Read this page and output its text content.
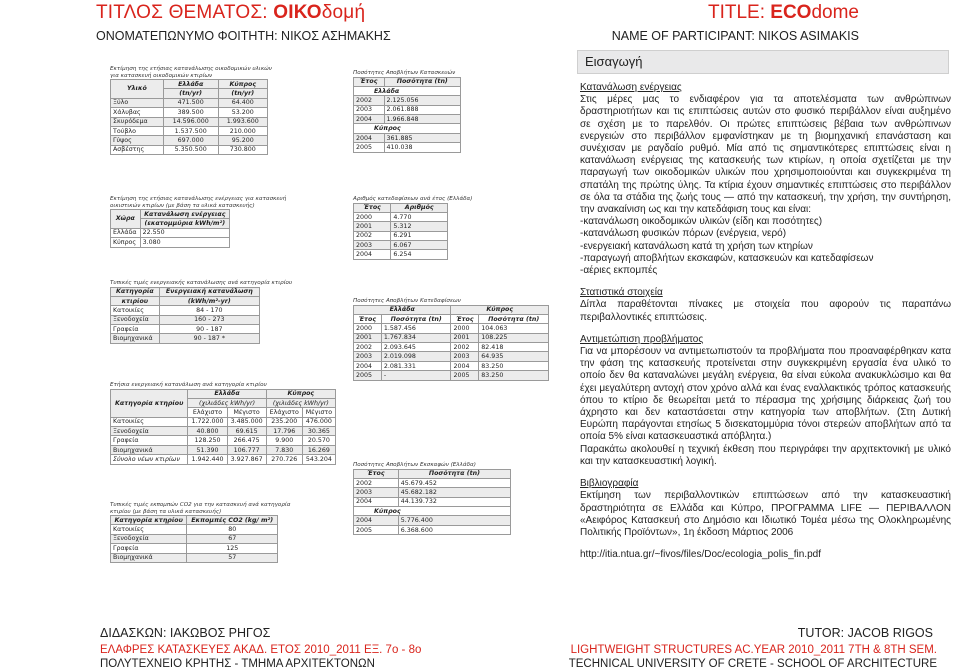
ΤΙΤΛΟΣ ΘΕΜΑΤΟΣ: ΟΙΚΟδομή	TITLE: ECOdome
ΟΝΟΜΑΤΕΠΩΝΥΜΟ ΦΟΙΤΗΤΗ: ΝΙΚΟΣ ΑΣΗΜΑΚΗΣ	NAME OF PARTICIPANT: NIKOS ASIMAKIS
Εισαγωγή
Κατανάλωση ενέργειας

Στις μέρες μας το ενδιαφέρον για τα αποτελέσματα των ανθρώπινων δραστηριοτήτων και τις επιπτώσεις αυτών στο φυσικό περιβάλλον είναι αυξημένο σε σχέση με το παρελθόν. Οι πρώτες επιπτώσεις βέβαια των ανθρώπινων ενεργειών στο περιβάλλον εμφανίστηκαν με τη βιομηχανική επανάσταση και συνέχισαν με ραγδαίο ρυθμό. Μία από τις σημαντικότερες επιπτώσεις είναι η κατανάλωση ενέργειας της κατασκευής των κτιρίων, η οποία σχετίζεται με την παραγωγή των οικοδομικών υλικών που χρησιμοποιούνται και συγκεκριμένα τη σπατάλη της πρώτης ύλης. Τα κτίρια έχουν σημαντικές επιπτώσεις στο περιβάλλον σε όλα τα στάδια της ζωής τους — από την κατασκευή, την χρήση, την συντήρηση, την ανακαίνιση ως και την κατεδάφιση τους και είναι:

-κατανάλωση οικοδομικών υλικών (είδη και ποσότητες)
-κατανάλωση φυσικών πόρων (ενέργεια, νερό)
-ενεργειακή κατανάλωση κατά τη χρήση των κτηρίων
-παραγωγή αποβλήτων εκσκαφών, κατασκευών και κατεδαφίσεων
-αέριες εκπομπές
Στατιστικά στοιχεία

Δίπλα παραθέτονται πίνακες με στοιχεία που αφορούν τις παραπάνω περιβαλλοντικές επιπτώσεις.

Αντιμετώπιση προβλήματος

Για να μπορέσουν να αντιμετωπιστούν τα προβλήματα που προαναφέρθηκαν κατα την φάση της κατασκευής προτείνεται στην συγκεκριμένη εργασία ένα υλικό το οποίο δεν θα καταναλώνει μεγάλη ενέργεια, θα είναι εύκολα ανακυκλώσιμο και θα έχει μεγαλύτερη αντοχή στον χρόνο αλλά και ένας εναλλακτικός τρόπος κατασκευής όπου το κτίριο δε θεωρείται μετά το πέρασμα της χρήσιμης διάρκειας ζωή του άχρηστο και δεν καταστάσεται στην κατηγορία των αποβλήτων. (Στη Δυτική Ευρώπη παράγονται ετησίως 5 δισεκατομμύρια τόνοι στερεών αποβλήτων από τα οποία 5% είναι κατασκευαστικά απόβλητα.)

Παρακάτω ακολουθεί η τεχνική έκθεση που περιγράφει την αρχιτεκτονική με υλικό και την κατασκευαστική λογική.

Βιβλιογραφία

Εκτίμηση των περιβαλλοντικών επιπτώσεων από την κατασκευαστική δραστηριότητα σε Ελλάδα και Κύπρο, ΠΡΟΓΡΑΜΜΑ LIFE — ΠΕΡΙΒΑΛΛΟΝ «Αειφόρος Κατασκευή στο Δημόσιο και Ιδιωτικό Τομέα μέσω της Ολοκληρωμένης Πολιτικής Προϊόντων», 1η έκδοση Μάρτιος 2006

http://itia.ntua.gr/~fivos/files/Doc/ecologia_polis_fin.pdf

Εκτίμηση της ετήσιας κατανάλωσης οικοδομικών υλικών για κατασκευή οικοδομικών κτιρίων
Υλικό	Ελλάδα	Κύπρος
	(tn/yr)	(tn/yr)
Ξύλο	471.500	64.400
Χάλυβας	389.500	53.200
Σκυρόδεμα	14.596.000	1.993.600
Τούβλο	1.537.500	210.000
Γύψος	697.000	95.200
Ασβέστης	5.350.500	730.800
Εκτίμηση της ετήσιας κατανάλωσης ενέργειας για κατασκευή οικιστικών κτιρίων (με βάση τα υλικά κατασκευής)
Χώρα	Κατανάλωση ενέργειας
	(εκατομμύρια kWh/m²)
Ελλάδα	22.550
Κύπρος	3.080
Τυπικές τιμές ενεργειακής κατανάλωσης ανά κατηγορία κτιρίου
Κατηγορία	Ενεργειακή κατανάλωση
κτιρίου	(kWh/m²-yr)
Κατοικίες	84 - 170
Ξενοδοχεία	160 - 273
Γραφεία	90 - 187
Βιομηχανικά	90 - 187 *
Ετήσια ενεργειακή κατανάλωση ανά κατηγορία κτιρίου
Κατηγορία κτηρίου	Ελλάδα		Κύπρος	
	(χιλιάδες kWh/yr)		(χιλιάδες kWh/yr)	
	Ελάχιστο	Μέγιστο	Ελάχιστο	Μέγιστο
Κατοικίες	1.722.000	3.485.000	235.200	476.000
Ξενοδοχεία	40.800	69.615	17.796	30.365
Γραφεία	128.250	266.475	9.900	20.570
Βιομηχανικά	51.390	106.777	7.830	16.269
Σύνολο νέων κτιρίων	1.942.440	3.927.867	270.726	543.204
Τυπικές τιμές εκπομπών CO2 για την κατασκευή ανά κατηγορία κτιρίου (με βάση τα υλικά κατασκευής)
Κατηγορία κτηρίου	Εκπομπές CO2 (kg/ m²)
Κατοικίες	80
Ξενοδοχεία	67
Γραφεία	125
Βιομηχανικά	57
Ποσότητες Αποβλήτων Κατασκευών
Έτος	Ποσότητα (tn)
Ελλάδα	
2002	2.125.056
2003	2.061.888
2004	1.966.848
Κύπρος	
2004	361.885
2005	410.038
Αριθμός κατεδαφίσεων ανά έτος (Ελλάδα)
Έτος	Αριθμός
2000	4.770
2001	5.312
2002	6.291
2003	6.067
2004	6.254
Ποσότητες Αποβλήτων Κατεδαφίσεων
Ελλάδα		Κύπρος	
Έτος	Ποσότητα (tn)	Έτος	Ποσότητα (tn)
2000	1.587.456	2000	104.063
2001	1.767.834	2001	108.225
2002	2.093.645	2002	82.418
2003	2.019.098	2003	64.935
2004	2.081.331	2004	83.250
2005	-	2005	83.250
Ποσότητες Αποβλήτων Εκσκαφών (Ελλάδα)
Έτος	Ποσότητα (tn)
2002	45.679.452
2003	45.682.182
2004	44.139.732
Κύπρος	
2004	5.776.400
2005	6.368.600
ΔΙΔΑΣΚΩΝ: ΙΑΚΩΒΟΣ ΡΗΓΟΣ	TUTOR: JACOB RIGOS
ΕΛΑΦΡΕΣ ΚΑΤΑΣΚΕΥΕΣ ΑΚΑΔ. ΕΤΟΣ 2010_2011 ΕΞ. 7ο - 8ο	LIGHTWEIGHT STRUCTURES AC.YEAR 2010_2011 7TH & 8TH SEM.
ΠΟΛΥΤΕΧΝΕΙΟ ΚΡΗΤΗΣ - ΤΜΗΜΑ ΑΡΧΙΤΕΚΤΟΝΩΝ	TECHNICAL UNIVERSITY OF CRETE - SCHOOL OF ARCHITECTURE
